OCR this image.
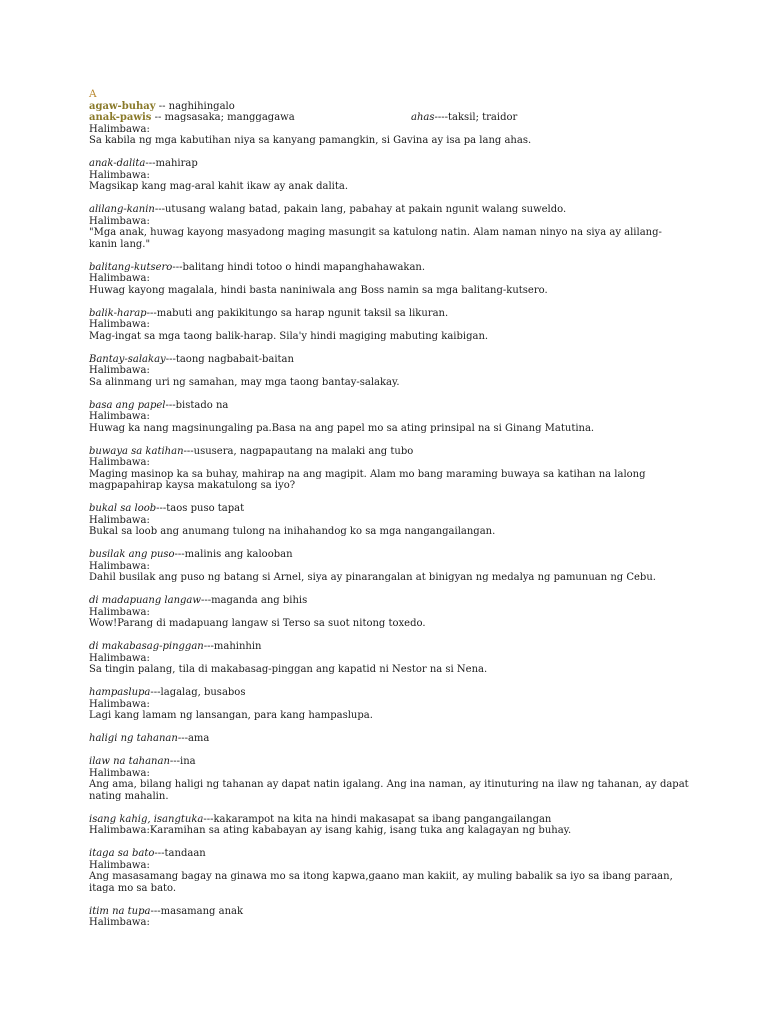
A
agaw-buhay -- naghihingalo
anak-pawis -- magsasaka; manggagawa	ahas----taksil; traidor
Halimbawa:
Sa kabila ng mga kabutihan niya sa kanyang pamangkin, si Gavina ay isa pa lang ahas.
anak-dalita---mahirap
Halimbawa:
Magsikap kang mag-aral kahit ikaw ay anak dalita.
alilang-kanin---utusang walang batad, pakain lang, pabahay at pakain ngunit walang suweldo.
Halimbawa:
"Mga anak, huwag kayong masyadong maging masungit sa katulong natin. Alam naman ninyo na siya ay alilang-kanin lang."
balitang-kutsero---balitang hindi totoo o hindi mapanghahawakan.
Halimbawa:
Huwag kayong magalala, hindi basta naniniwala ang Boss namin sa mga balitang-kutsero.
balik-harap---mabuti ang pakikitungo sa harap ngunit taksil sa likuran.
Halimbawa:
Mag-ingat sa mga taong balik-harap. Sila'y hindi magiging mabuting kaibigan.
Bantay-salakay---taong nagbabait-baitan
Halimbawa:
Sa alinmang uri ng samahan, may mga taong bantay-salakay.
basa ang papel---bistado na
Halimbawa:
Huwag ka nang magsinungaling pa.Basa na ang papel mo sa ating prinsipal na si Ginang Matutina.
buwaya sa katihan---ususera, nagpapautang na malaki ang tubo
Halimbawa:
Maging masinop ka sa buhay, mahirap na ang magipit. Alam mo bang maraming buwaya sa katihan na lalong magpapahirap kaysa makatulong sa iyo?
bukal sa loob---taos puso tapat
Halimbawa:
Bukal sa loob ang anumang tulong na inihahandog ko sa mga nangangailangan.
busilak ang puso---malinis ang kalooban
Halimbawa:
Dahil busilak ang puso ng batang si Arnel, siya ay pinarangalan at binigyan ng medalya ng pamunuan ng Cebu.
di madapuang langaw---maganda ang bihis
Halimbawa:
Wow!Parang di madapuang langaw si Terso sa suot nitong toxedo.
di makabasag-pinggan---mahinhin
Halimbawa:
Sa tingin palang, tila di makabasag-pinggan ang kapatid ni Nestor na si Nena.
hampaslupa---lagalag, busabos
Halimbawa:
Lagi kang lamam ng lansangan, para kang hampaslupa.
haligi ng tahanan---ama
ilaw na tahanan---ina
Halimbawa:
Ang ama, bilang haligi ng tahanan ay dapat natin igalang. Ang ina naman, ay itinuturing na ilaw ng tahanan, ay dapat nating mahalin.
isang kahig, isangtuka---kakarampot na kita na hindi makasapat sa ibang pangangailangan
Halimbawa:Karamihan sa ating kababayan ay isang kahig, isang tuka ang kalagayan ng buhay.
itaga sa bato---tandaan
Halimbawa:
Ang masasamang bagay na ginawa mo sa itong kapwa,gaano man kakiit, ay muling babalik sa iyo sa ibang paraan, itaga mo sa bato.
itim na tupa---masamang anak
Halimbawa:
